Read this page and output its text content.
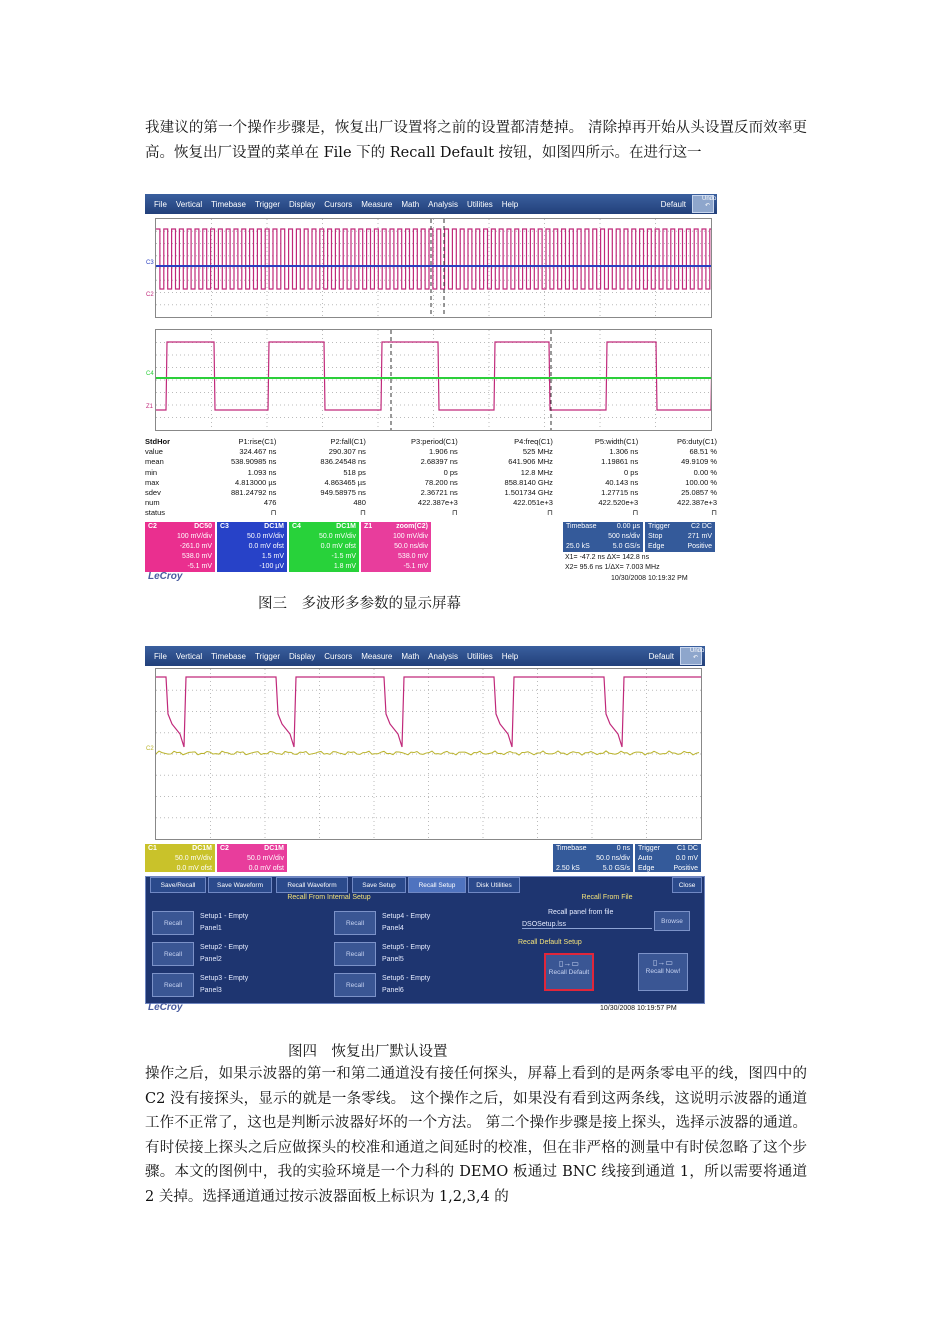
我建议的第一个操作步骤是，恢复出厂设置将之前的设置都清楚掉。 清除掉再开始从头设置反而效率更高。恢复出厂设置的菜单在 File 下的 Recall Default 按钮，如图四所示。在进行这一
File Vertical Timebase Trigger Display Cursors Measure Math Analysis Utilities Help	Default
Undo
↶
C3
C2
C4
Z1
StdHor	P1:rise(C1)	P2:fall(C1)	P3:period(C1)	P4:freq(C1)	P5:width(C1)	P6:duty(C1)
value	324.467 ns	290.307 ns	1.906 ns	525 MHz	1.306 ns	68.51 %
mean	538.90985 ns	836.24548 ns	2.68397 ns	641.906 MHz	1.19861 ns	49.9109 %
min	1.093 ns	518 ps	0 ps	12.8 MHz	0 ps	0.00 %
max	4.813000 µs	4.863465 µs	78.200 ns	858.8140 GHz	40.143 ns	100.00 %
sdev	881.24792 ns	949.58975 ns	2.36721 ns	1.501734 GHz	1.27715 ns	25.0857 %
num	476	480	422.387e+3	422.051e+3	422.520e+3	422.387e+3
status	⊓	⊓	⊓	⊓	⊓	⊓
C2	DC50
100 mV/div
-261.0 mV
538.0 mV
-5.1 mV
C3	DC1M
50.0 mV/div
0.0 mV ofst
1.5 mV
-100 µV
C4	DC1M
50.0 mV/div
0.0 mV ofst
-1.5 mV
1.8 mV
Z1	zoom(C2)
100 mV/div
50.0 ns/div
538.0 mV
-5.1 mV
Timebase	0.00 µs
500 ns/div
25.0 kS	5.0 GS/s
Trigger	C2 DC
Stop	271 mV
Edge	Positive
X1= -47.2 ns ΔX= 142.8 ns
X2= 95.6 ns 1/ΔX= 7.003 MHz
LeCroy	10/30/2008 10:19:32 PM
图三　多波形多参数的显示屏幕
File Vertical Timebase Trigger Display Cursors Measure Math Analysis Utilities Help	Default
Undo
↶
C2
C1	DC1M
50.0 mV/div
0.0 mV ofst
C2	DC1M
50.0 mV/div
0.0 mV ofst
Timebase	0 ns
50.0 ns/div
2.50 kS	5.0 GS/s
Trigger C1 DC
Auto	0.0 mV
Edge	Positive
Save/Recall	Save Waveform	Recall Waveform	Save Setup	Recall Setup	Disk Utilities	Close
Recall From Internal Setup
Recall
Setup1 - Empty
Panel1
Recall
Setup2 - Empty
Panel2
Recall
Setup3 - Empty
Panel3
Recall
Setup4 - Empty
Panel4
Recall
Setup5 - Empty
Panel5
Recall
Setup6 - Empty
Panel6
Recall From File
Recall panel from file
DSOSetup.lss	Browse
Recall Default Setup
▯→▭
Recall Default
▯→▭
Recall Now!
LeCroy	10/30/2008 10:19:57 PM
图四　恢复出厂默认设置
操作之后，如果示波器的第一和第二通道没有接任何探头，屏幕上看到的是两条零电平的线，图四中的 C2 没有接探头，显示的就是一条零线。 这个操作之后，如果没有看到这两条线，这说明示波器的通道工作不正常了，这也是判断示波器好坏的一个方法。 第二个操作步骤是接上探头，选择示波器的通道。 有时侯接上探头之后应做探头的校准和通道之间延时的校准，但在非严格的测量中有时侯忽略了这个步骤。本文的图例中，我的实验环境是一个力科的 DEMO 板通过 BNC 线接到通道 1，所以需要将通道 2 关掉。选择通道通过按示波器面板上标识为 1,2,3,4 的
